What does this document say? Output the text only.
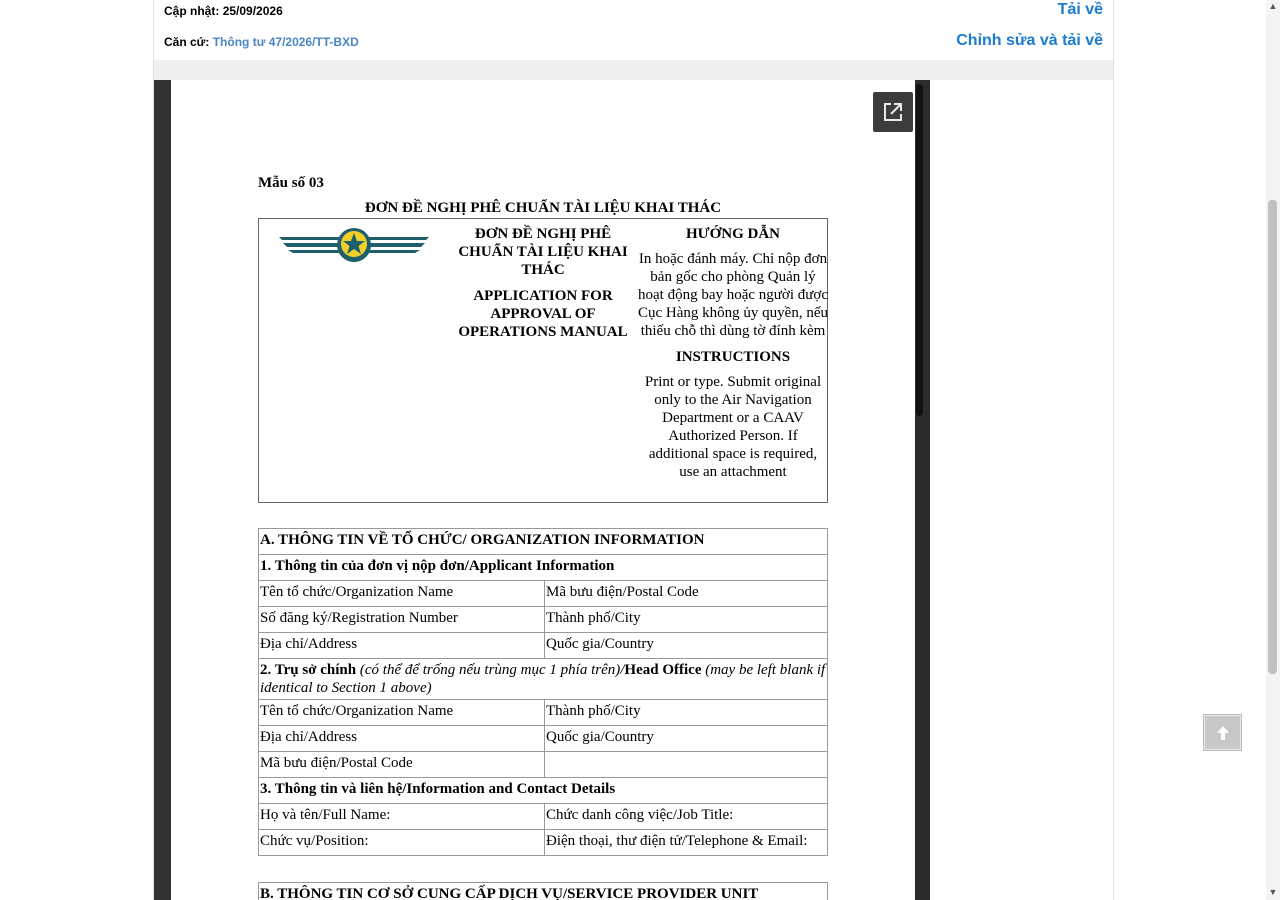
Cập nhật: 25/09/2026	Tải về
Căn cứ: Thông tư 47/2026/TT-BXD	Chỉnh sửa và tải về
Mẫu số 03
ĐƠN ĐỀ NGHỊ PHÊ CHUẨN TÀI LIỆU KHAI THÁC
ĐƠN ĐỀ NGHỊ PHÊ CHUẨN TÀI LIỆU KHAI THÁC
APPLICATION FOR APPROVAL OF OPERATIONS MANUAL
HƯỚNG DẪN
In hoặc đánh máy. Chỉ nộp đơn bản gốc cho phòng Quản lý hoạt động bay hoặc người được Cục Hàng không ủy quyền, nếu thiếu chỗ thì dùng tờ đính kèm
INSTRUCTIONS
Print or type. Submit original only to the Air Navigation Department or a CAAV Authorized Person. If additional space is required, use an attachment
A. THÔNG TIN VỀ TỔ CHỨC/ ORGANIZATION INFORMATION	
1. Thông tin của đơn vị nộp đơn/Applicant Information	
Tên tổ chức/Organization Name	Mã bưu điện/Postal Code
Số đăng ký/Registration Number	Thành phố/City
Địa chỉ/Address	Quốc gia/Country
2. Trụ sở chính (có thể để trống nếu trùng mục 1 phía trên)/Head Office (may be left blank if identical to Section 1 above)	
Tên tổ chức/Organization Name	Thành phố/City
Địa chỉ/Address	Quốc gia/Country
Mã bưu điện/Postal Code	
3. Thông tin và liên hệ/Information and Contact Details	
Họ và tên/Full Name:	Chức danh công việc/Job Title:
Chức vụ/Position:	Điện thoại, thư điện tử/Telephone & Email:
B. THÔNG TIN CƠ SỞ CUNG CẤP DỊCH VỤ/SERVICE PROVIDER UNIT
▲
▼
